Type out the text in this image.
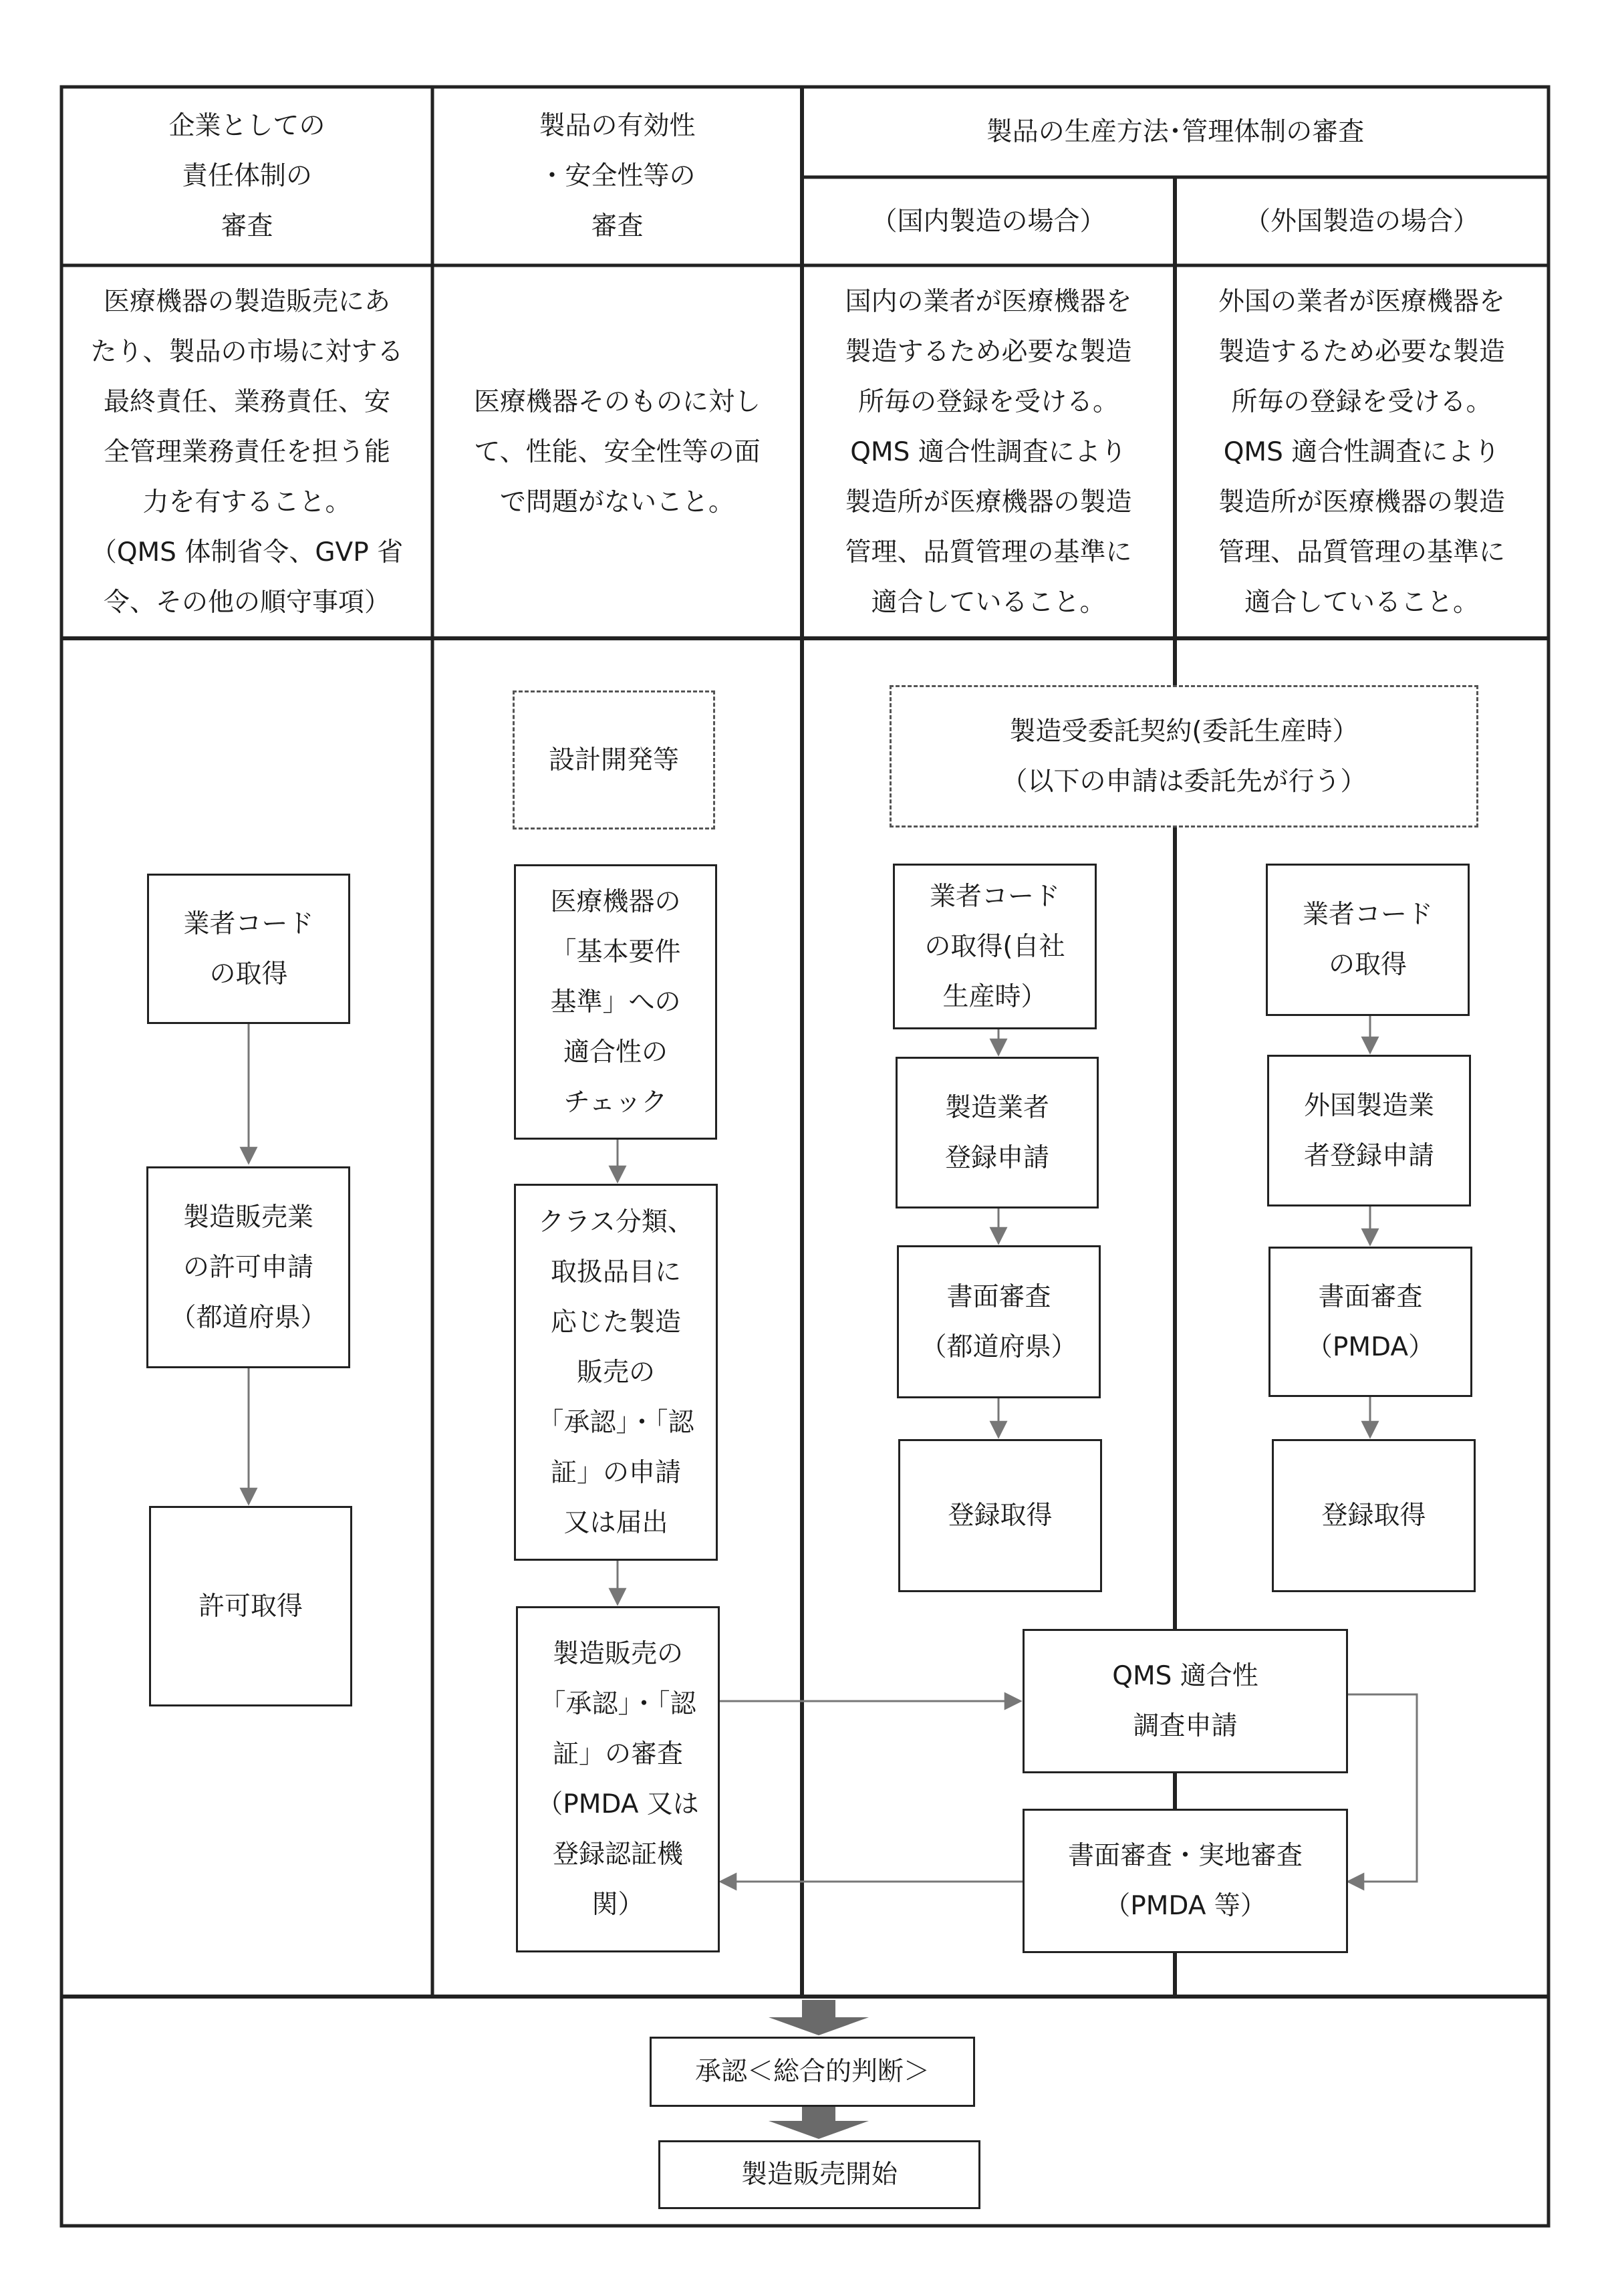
企業としての
責任体制の
審査
製品の有効性
・安全性等の
審査
製品の生産方法･管理体制の審査
（国内製造の場合）	（外国製造の場合）
医療機器の製造販売にあ
たり、製品の市場に対する
最終責任、業務責任、安
全管理業務責任を担う能
力を有すること。
（QMS 体制省令、GVP 省
令、その他の順守事項）
医療機器そのものに対し
て、性能、安全性等の面
で問題がないこと。
国内の業者が医療機器を
製造するため必要な製造
所毎の登録を受ける。
QMS 適合性調査により
製造所が医療機器の製造
管理、品質管理の基準に
適合していること。
外国の業者が医療機器を
製造するため必要な製造
所毎の登録を受ける。
QMS 適合性調査により
製造所が医療機器の製造
管理、品質管理の基準に
適合していること。
業者コード
の取得
製造販売業
の許可申請
（都道府県）
許可取得
設計開発等
医療機器の
「基本要件
基準」への
適合性の
チェック
クラス分類、
取扱品目に
応じた製造
販売の
「承認」・「認
証」の申請
又は届出
製造販売の
「承認」・「認
証」の審査
（PMDA 又は
登録認証機
関）
製造受委託契約(委託生産時）
（以下の申請は委託先が行う）
業者コード
の取得(自社
生産時）
製造業者
登録申請
書面審査
（都道府県）
登録取得
業者コード
の取得
外国製造業
者登録申請
書面審査
（PMDA）
登録取得
QMS 適合性
調査申請
書面審査・実地審査
（PMDA 等）
承認＜総合的判断＞
製造販売開始
